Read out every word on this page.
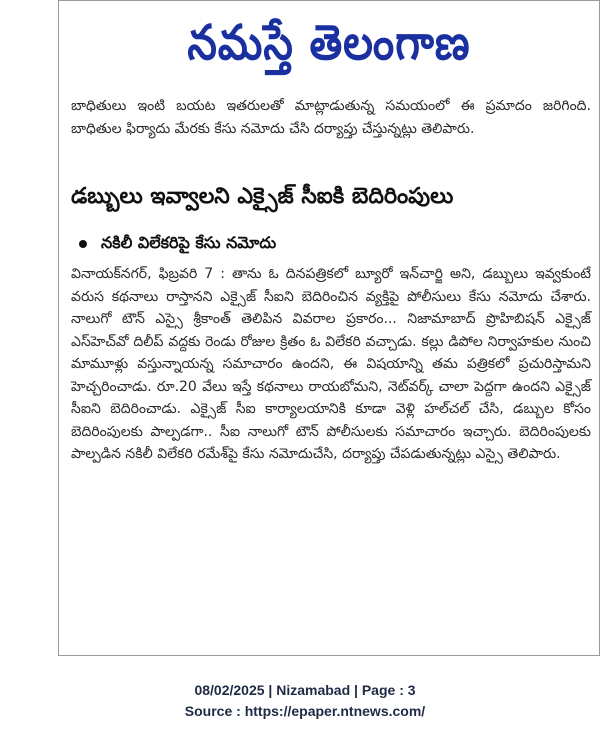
నమస్తే తెలంగాణ
బాధితులు ఇంటి బయట ఇతరులతో మాట్లాడుతున్న సమయంలో ఈ ప్రమాదం జరిగింది. బాధితుల ఫిర్యాదు మేరకు కేసు నమోదు చేసి దర్యాప్తు చేస్తున్నట్లు తెలిపారు.
డబ్బులు ఇవ్వాలని ఎక్సైజ్ సీఐకి బెదిరింపులు
నకిలీ విలేకరిపై కేసు నమోదు
వినాయక్‌నగర్, ఫిబ్రవరి 7 : తాను ఓ దినపత్రికలో బ్యూరో ఇన్‌చార్జి అని, డబ్బులు ఇవ్వకుంటే వరుస కథనాలు రాస్తానని ఎక్సైజ్ సీఐని బెదిరించిన వ్యక్తిపై పోలీసులు కేసు నమోదు చేశారు. నాలుగో టౌన్ ఎస్సై శ్రీకాంత్ తెలిపిన వివరాల ప్రకారం... నిజామాబాద్ ప్రొహిబిషన్ ఎక్సైజ్ ఎస్‌హెచ్‌వో దిలీప్ వద్దకు రెండు రోజుల క్రితం ఓ విలేకరి వచ్చాడు. కల్లు డిపోల నిర్వాహకుల నుంచి మామూళ్లు వస్తున్నాయన్న సమాచారం ఉందని, ఈ విషయాన్ని తమ పత్రికలో ప్రచురిస్తామని హెచ్చరించాడు. రూ.20 వేలు ఇస్తే కథనాలు రాయబోమని, నెట్‌వర్క్ చాలా పెద్దగా ఉందని ఎక్సైజ్ సీఐని బెదిరించాడు. ఎక్సైజ్ సీఐ కార్యాలయానికి కూడా వెళ్లి హల్‌చల్ చేసి, డబ్బుల కోసం బెదిరింపులకు పాల్పడగా.. సీఐ నాలుగో టౌన్ పోలీసులకు సమాచారం ఇచ్చారు. బెదిరింపులకు పాల్పడిన నకిలీ విలేకరి రమేశ్‌పై కేసు నమోదుచేసి, దర్యాప్తు చేపడుతున్నట్లు ఎస్సై తెలిపారు.
08/02/2025 | Nizamabad | Page : 3
Source : https://epaper.ntnews.com/
